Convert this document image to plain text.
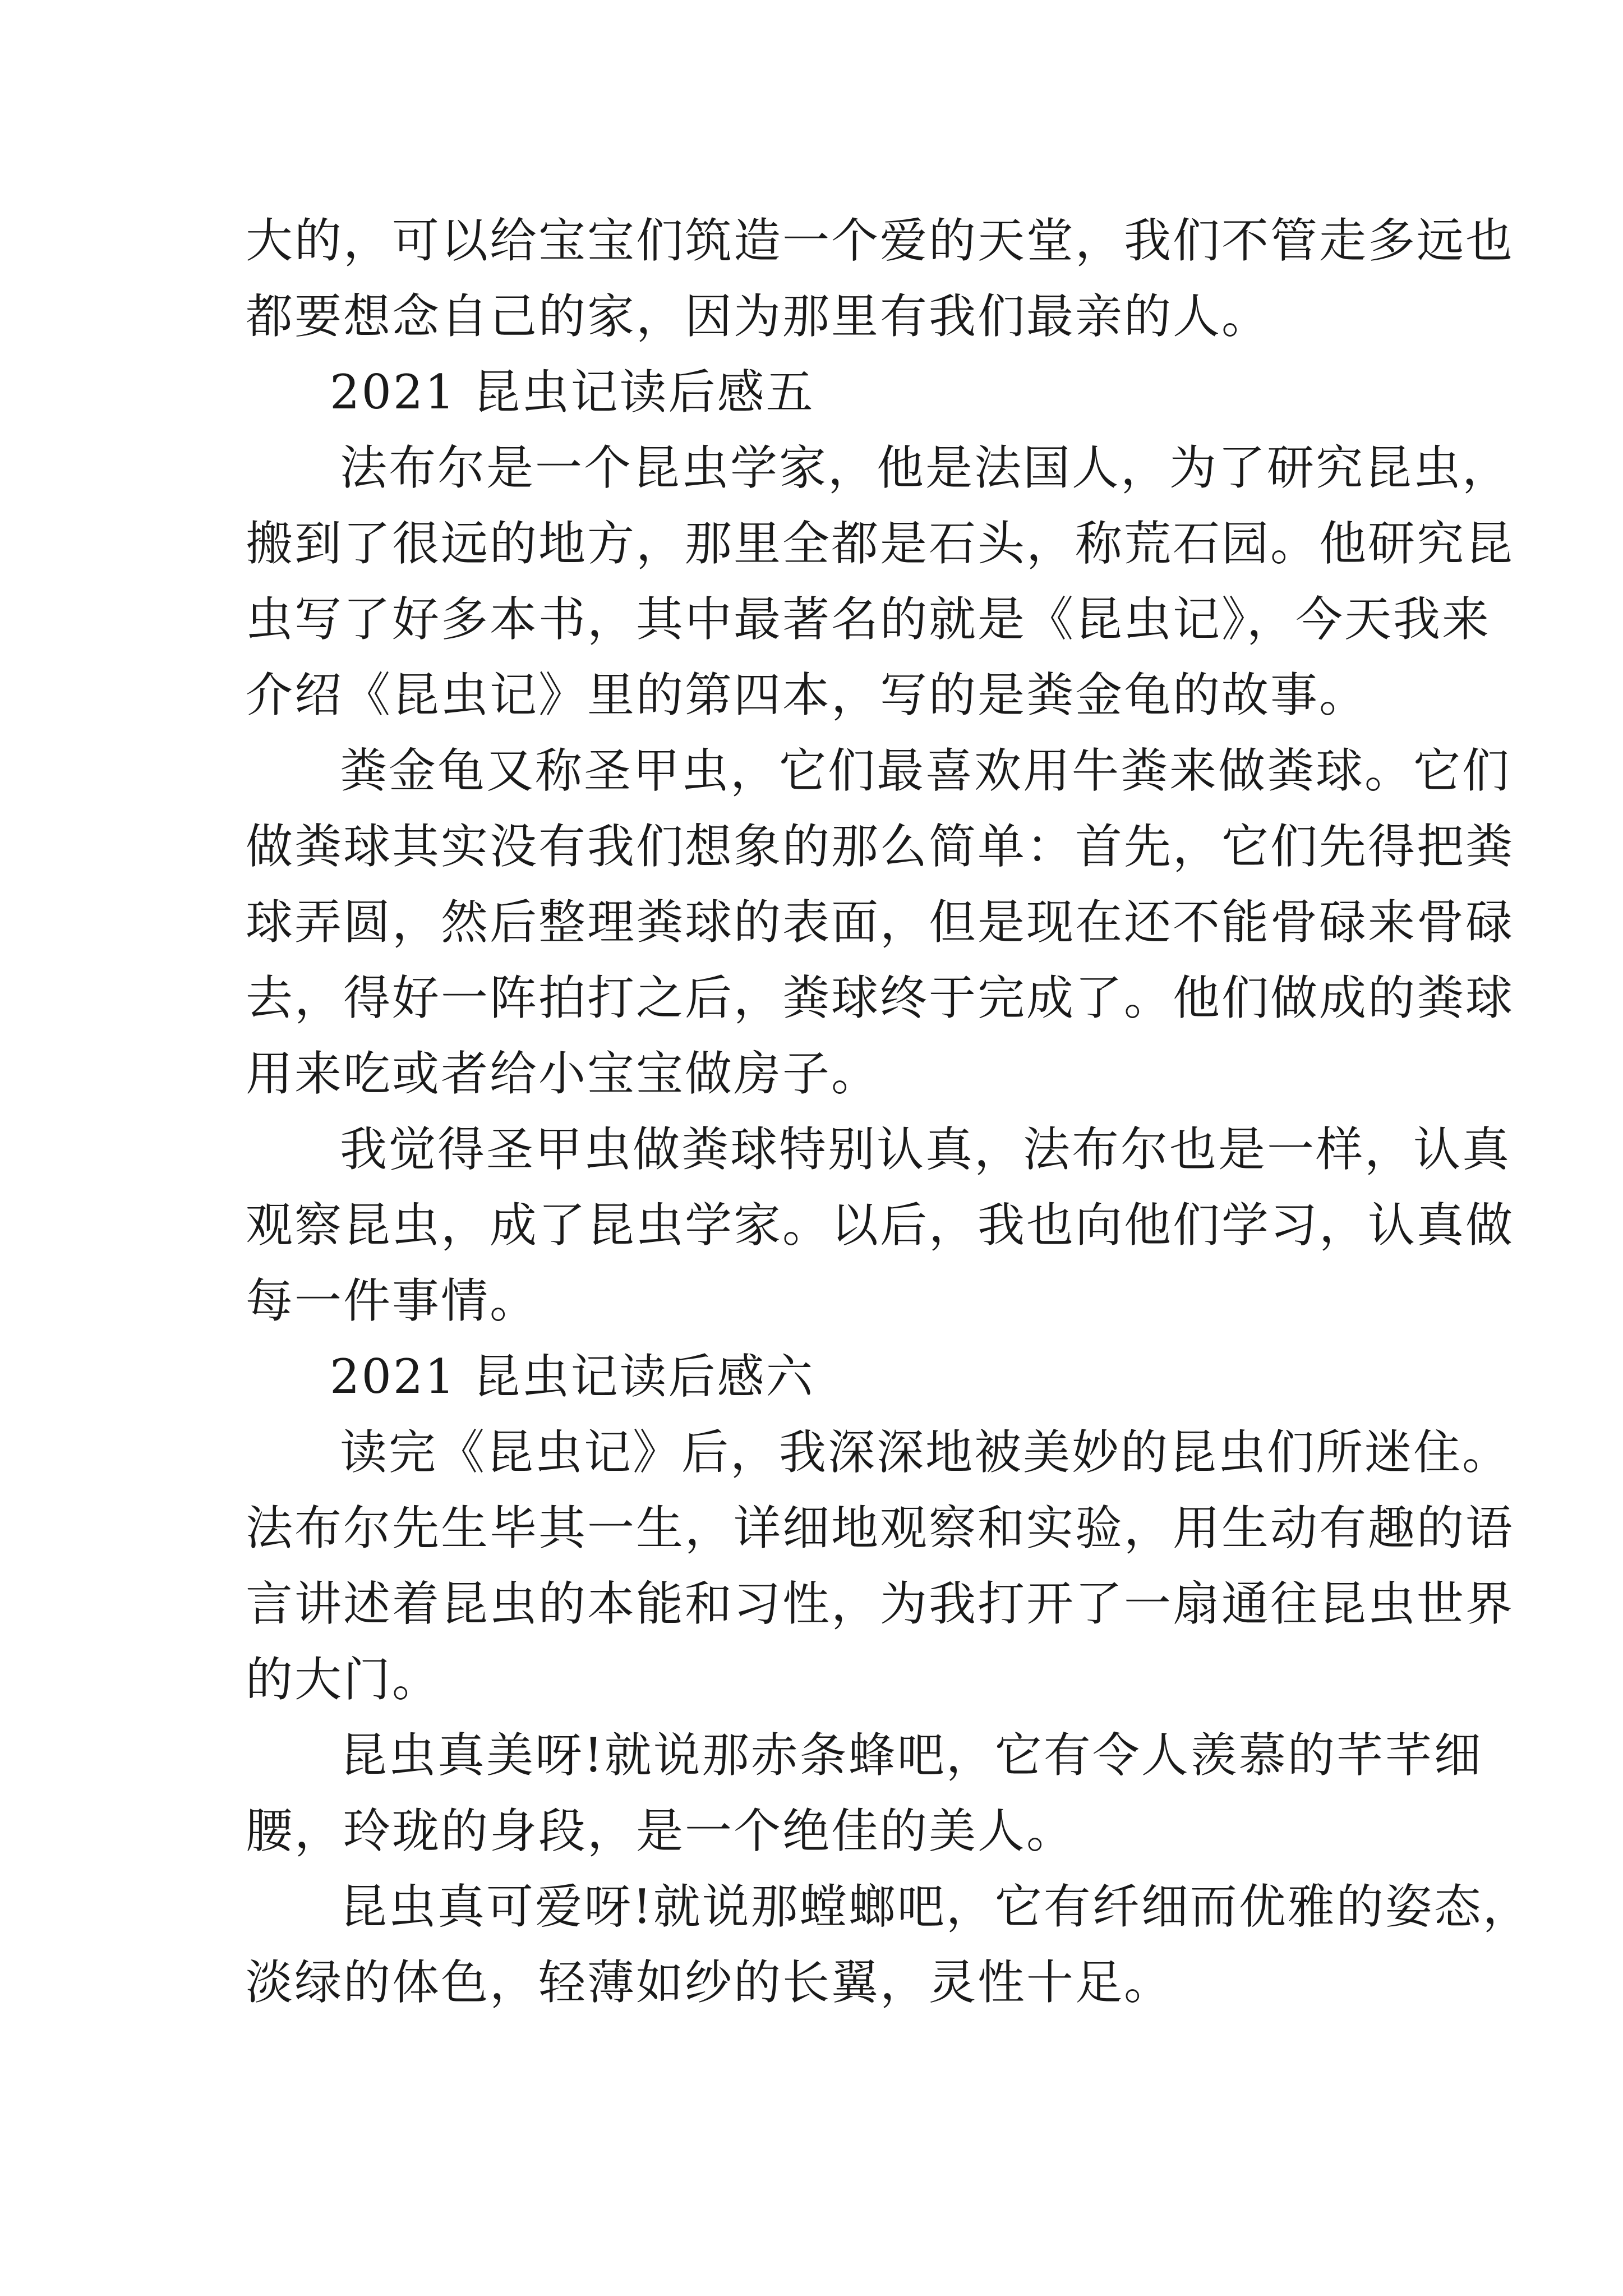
大的，可以给宝宝们筑造一个爱的天堂，我们不管走多远也
都要想念自己的家，因为那里有我们最亲的人。
2021 昆虫记读后感五
法布尔是一个昆虫学家，他是法国人，为了研究昆虫，
搬到了很远的地方，那里全都是石头，称荒石园。他研究昆
虫写了好多本书，其中最著名的就是《昆虫记》，今天我来
介绍《昆虫记》里的第四本，写的是粪金龟的故事。
粪金龟又称圣甲虫，它们最喜欢用牛粪来做粪球。它们
做粪球其实没有我们想象的那么简单：首先，它们先得把粪
球弄圆，然后整理粪球的表面，但是现在还不能骨碌来骨碌
去，得好一阵拍打之后，粪球终于完成了。他们做成的粪球
用来吃或者给小宝宝做房子。
我觉得圣甲虫做粪球特别认真，法布尔也是一样，认真
观察昆虫，成了昆虫学家。以后，我也向他们学习，认真做
每一件事情。
2021 昆虫记读后感六
读完《昆虫记》后，我深深地被美妙的昆虫们所迷住。
法布尔先生毕其一生，详细地观察和实验，用生动有趣的语
言讲述着昆虫的本能和习性，为我打开了一扇通往昆虫世界
的大门。
昆虫真美呀!就说那赤条蜂吧，它有令人羡慕的芊芊细
腰，玲珑的身段，是一个绝佳的美人。
昆虫真可爱呀!就说那螳螂吧，它有纤细而优雅的姿态，
淡绿的体色，轻薄如纱的长翼，灵性十足。
